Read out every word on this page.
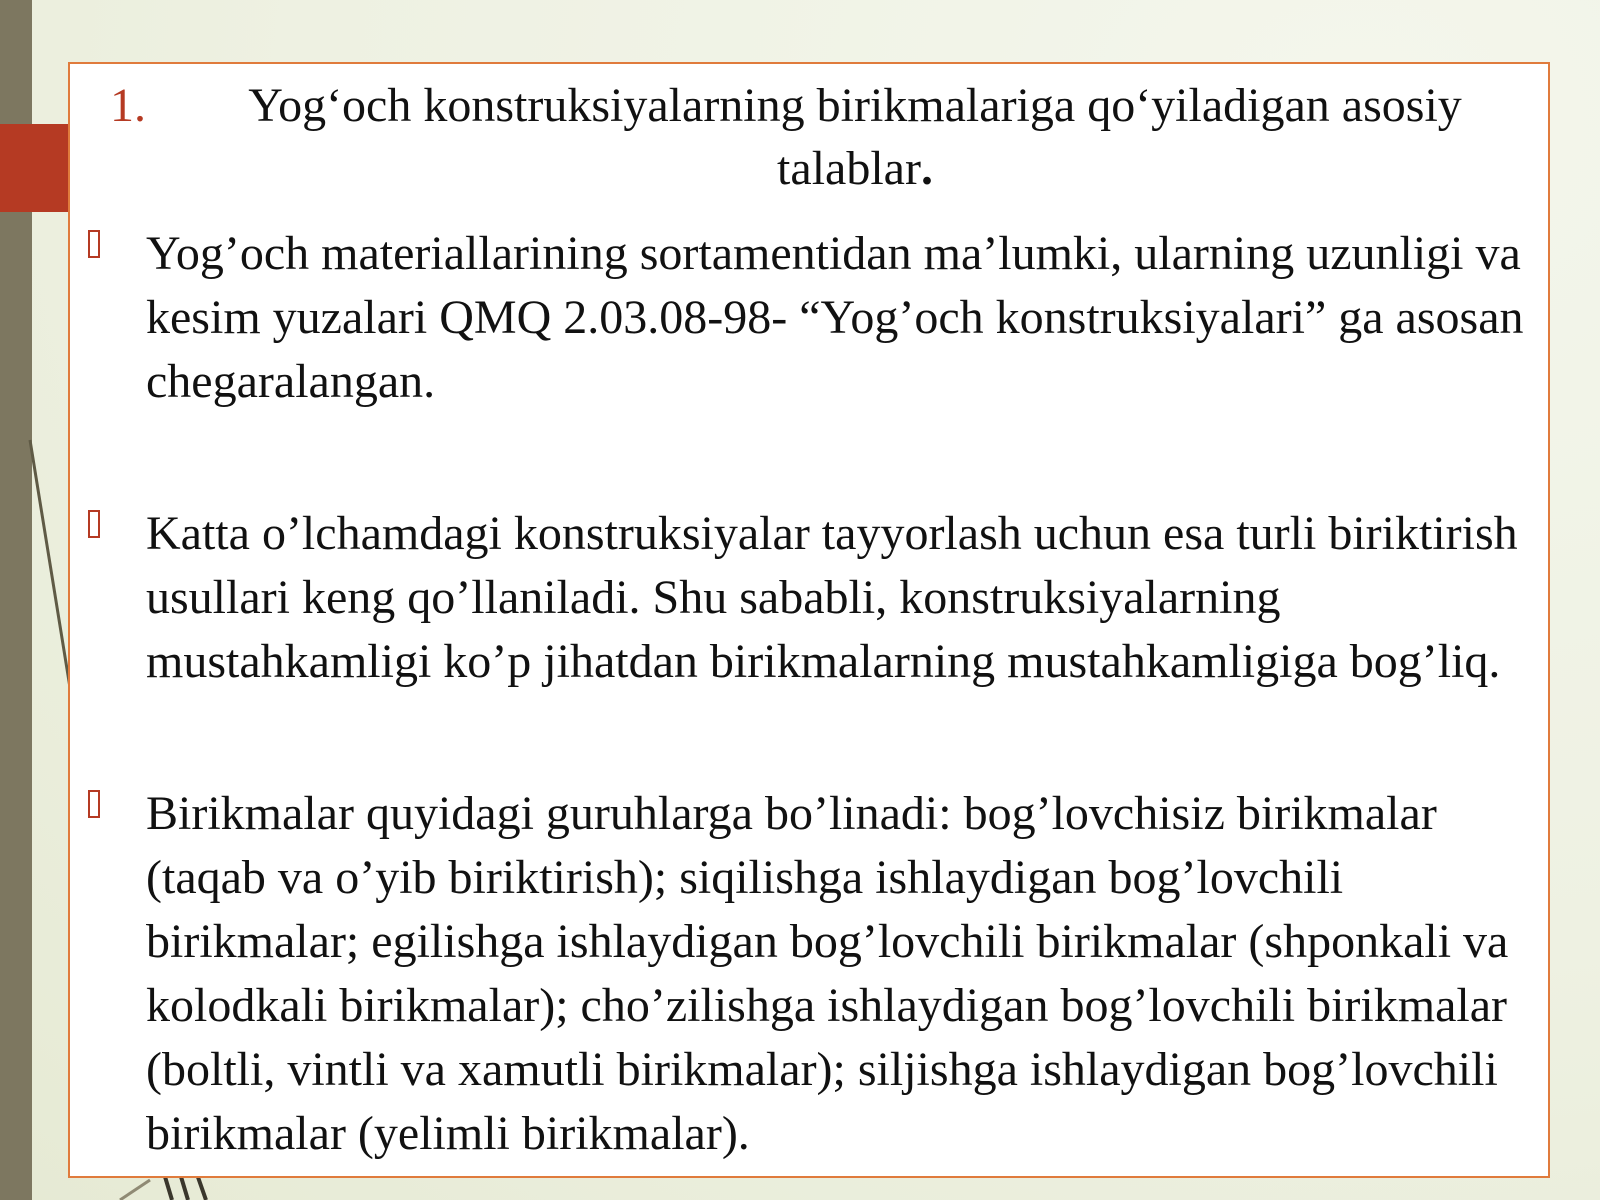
1.	Yog‘och konstruksiyalarning birikmalariga qo‘yiladigan asosiy talablar.
Yog’och materiallarining sortamentidan ma’lumki, ularning uzunligi va kesim yuzalari QMQ 2.03.08-98- “Yog’och konstruksiyalari” ga asosan chegaralangan.
Katta o’lchamdagi konstruksiyalar tayyorlash uchun esa turli biriktirish usullari keng qo’llaniladi. Shu sababli, konstruksiyalarning mustahkamligi ko’p jihatdan birikmalarning mustahkamligiga bog’liq.
Birikmalar quyidagi guruhlarga bo’linadi: bog’lovchisiz birikmalar (taqab va o’yib biriktirish); siqilishga ishlaydigan bog’lovchili birikmalar; egilishga ishlaydigan bog’lovchili birikmalar (shponkali va kolodkali birikmalar); cho’zilishga ishlaydigan bog’lovchili birikmalar (boltli, vintli va xamutli birikmalar); siljishga ishlaydigan bog’lovchili birikmalar (yelimli birikmalar).
